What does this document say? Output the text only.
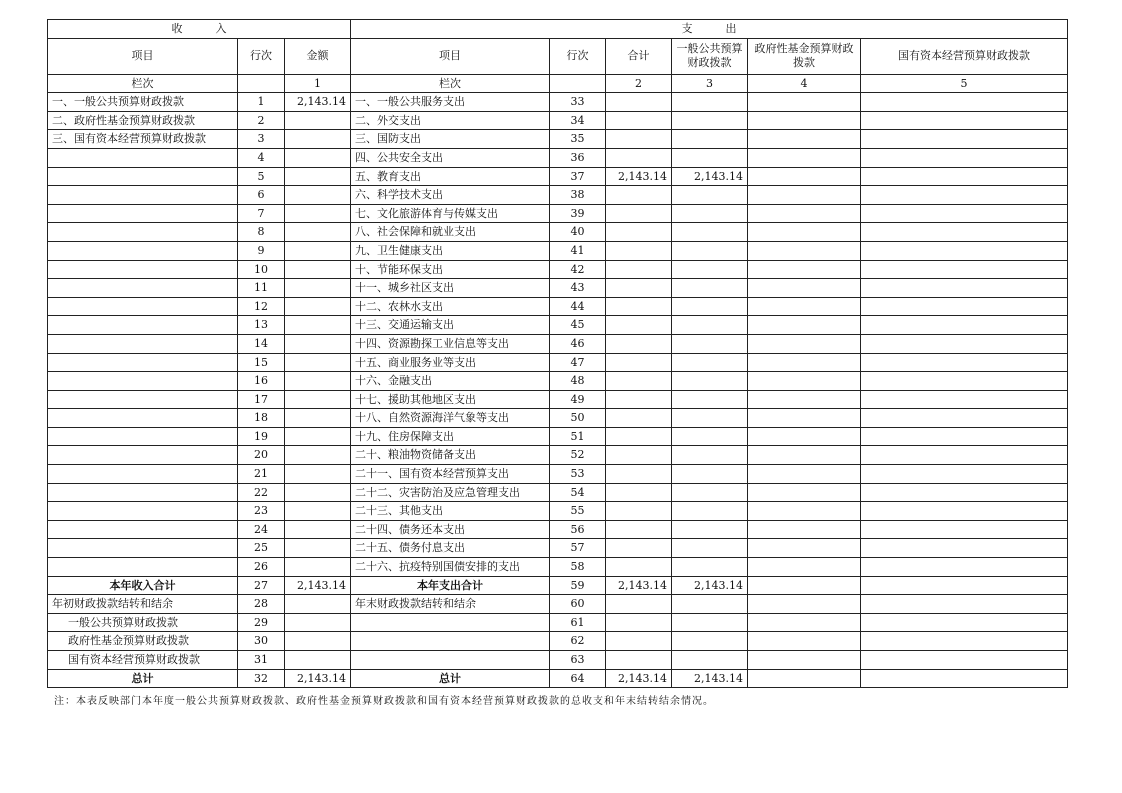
收　　　入			支　　　出					
项目	行次	金额	项目	行次	合计	一般公共预算财政拨款	政府性基金预算财政拨款	国有资本经营预算财政拨款
栏次		1	栏次		2	3	4	5
一、一般公共预算财政拨款	1	2,143.14	一、一般公共服务支出	33				
二、政府性基金预算财政拨款	2		二、外交支出	34				
三、国有资本经营预算财政拨款	3		三、国防支出	35				
	4		四、公共安全支出	36				
	5		五、教育支出	37	2,143.14	2,143.14		
	6		六、科学技术支出	38				
	7		七、文化旅游体育与传媒支出	39				
	8		八、社会保障和就业支出	40				
	9		九、卫生健康支出	41				
	10		十、节能环保支出	42				
	11		十一、城乡社区支出	43				
	12		十二、农林水支出	44				
	13		十三、交通运输支出	45				
	14		十四、资源勘探工业信息等支出	46				
	15		十五、商业服务业等支出	47				
	16		十六、金融支出	48				
	17		十七、援助其他地区支出	49				
	18		十八、自然资源海洋气象等支出	50				
	19		十九、住房保障支出	51				
	20		二十、粮油物资储备支出	52				
	21		二十一、国有资本经营预算支出	53				
	22		二十二、灾害防治及应急管理支出	54				
	23		二十三、其他支出	55				
	24		二十四、债务还本支出	56				
	25		二十五、债务付息支出	57				
	26		二十六、抗疫特别国债安排的支出	58				
本年收入合计	27	2,143.14	本年支出合计	59	2,143.14	2,143.14		
年初财政拨款结转和结余	28		年末财政拨款结转和结余	60				
一般公共预算财政拨款	29			61				
政府性基金预算财政拨款	30			62				
国有资本经营预算财政拨款	31			63				
总计	32	2,143.14	总计	64	2,143.14	2,143.14		
注：本表反映部门本年度一般公共预算财政拨款、政府性基金预算财政拨款和国有资本经营预算财政拨款的总收支和年末结转结余情况。
